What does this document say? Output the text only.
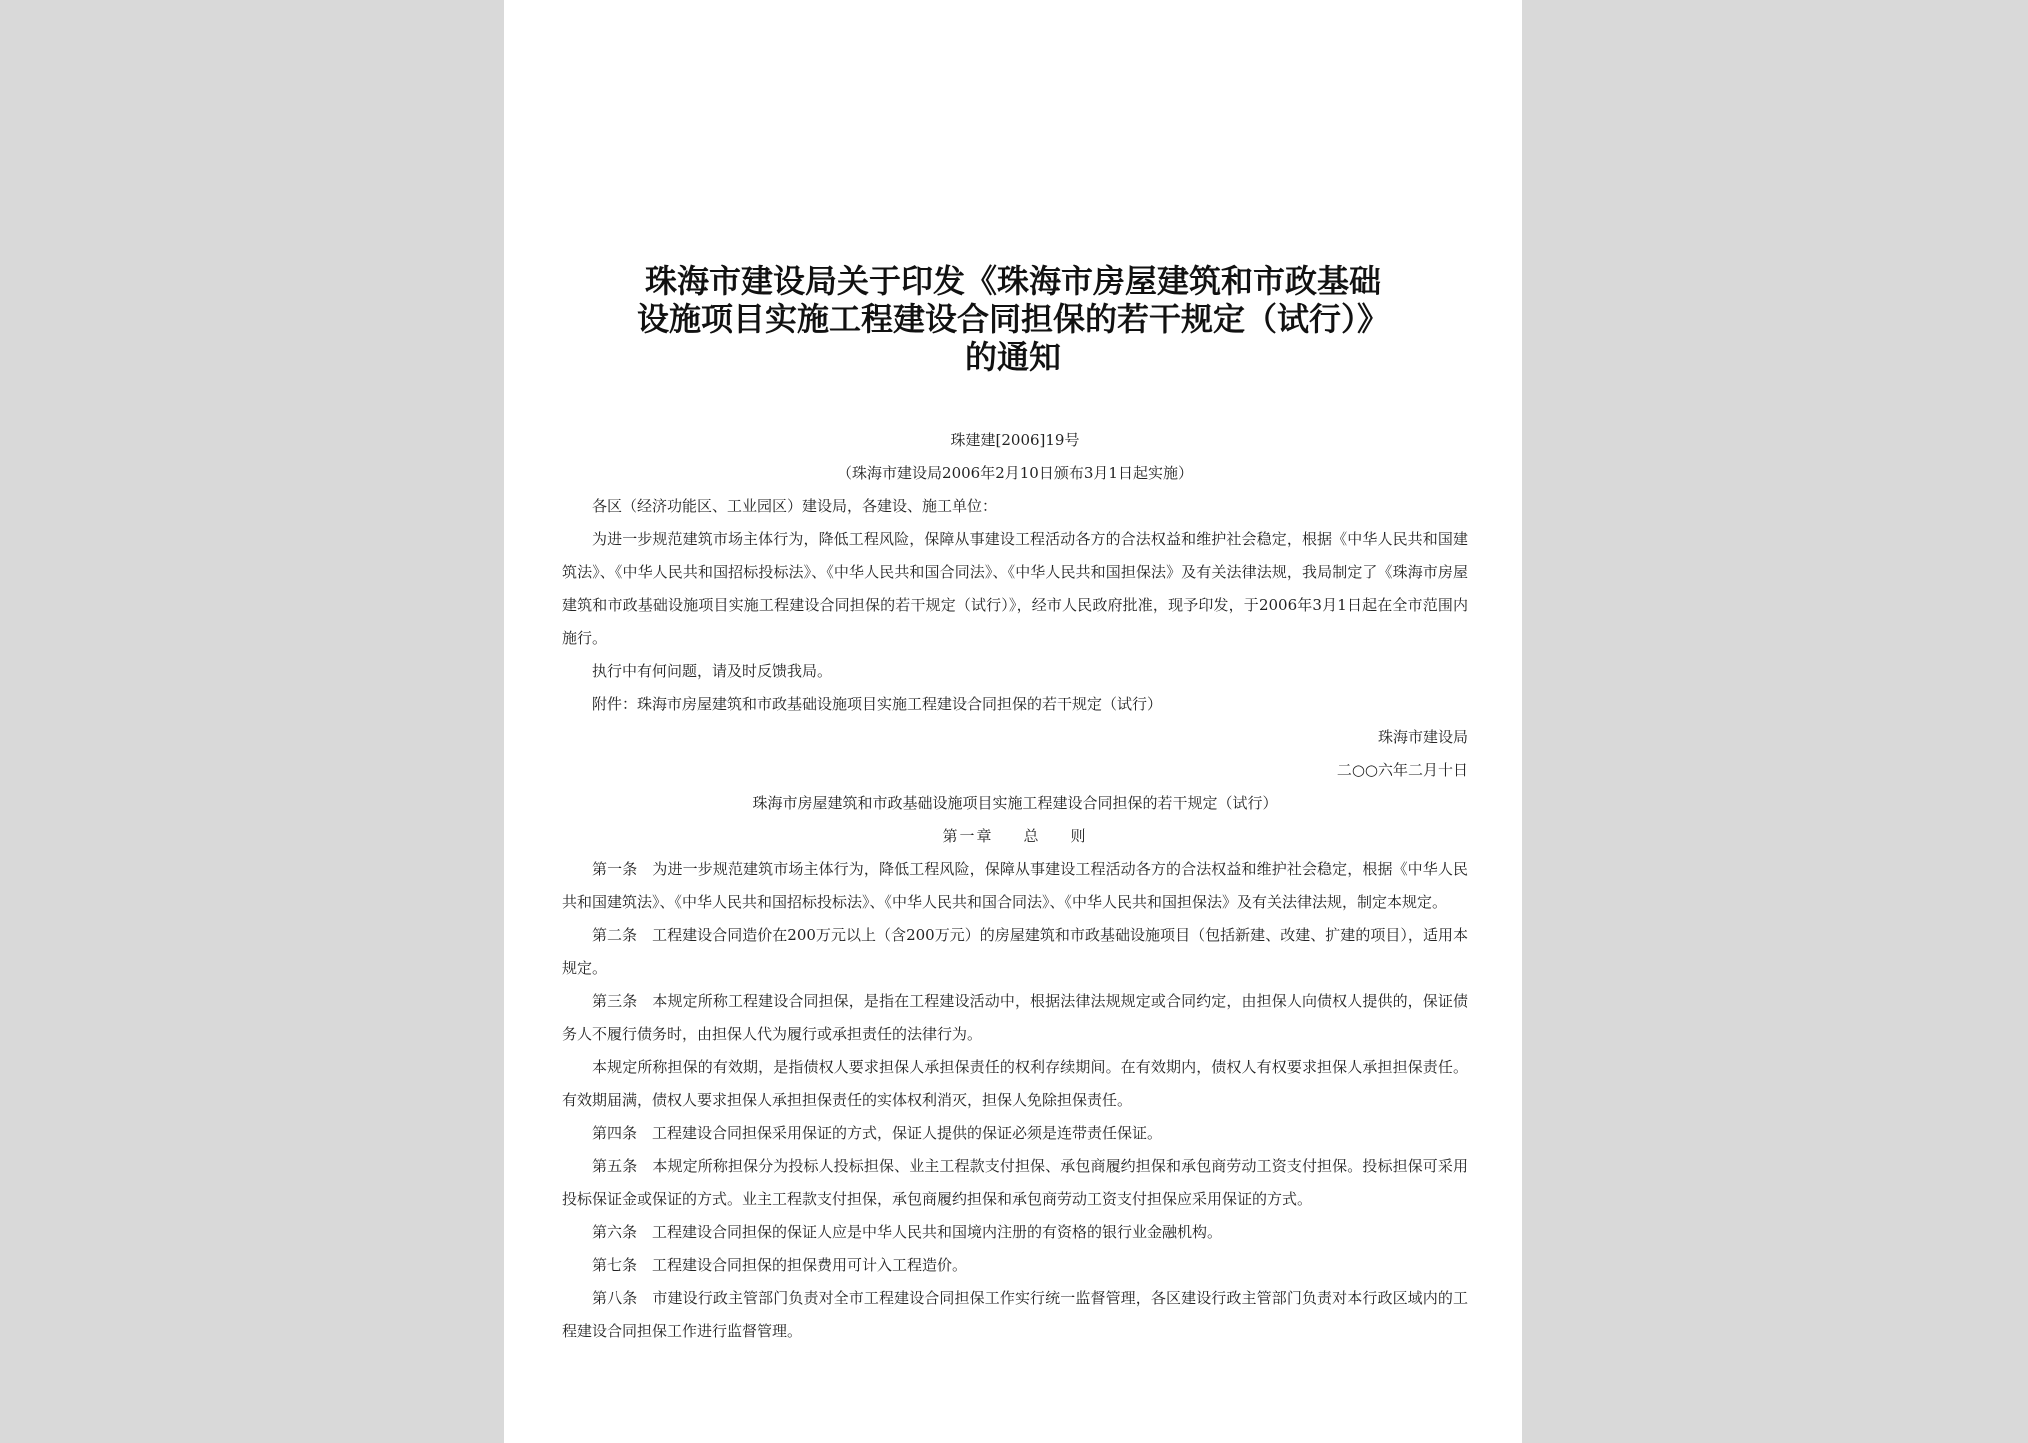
珠海市建设局关于印发《珠海市房屋建筑和市政基础
设施项目实施工程建设合同担保的若干规定（试行）》
的通知

珠建建[2006]19号

（珠海市建设局2006年2月10日颁布3月1日起实施）

各区（经济功能区、工业园区）建设局，各建设、施工单位：

为进一步规范建筑市场主体行为，降低工程风险，保障从事建设工程活动各方的合法权益和维护社会稳定，根据《中华人民共和国建筑法》、《中华人民共和国招标投标法》、《中华人民共和国合同法》、《中华人民共和国担保法》及有关法律法规，我局制定了《珠海市房屋建筑和市政基础设施项目实施工程建设合同担保的若干规定（试行）》，经市人民政府批准，现予印发，于2006年3月1日起在全市范围内施行。

执行中有何问题，请及时反馈我局。

附件：珠海市房屋建筑和市政基础设施项目实施工程建设合同担保的若干规定（试行）

珠海市建设局

二○○六年二月十日

珠海市房屋建筑和市政基础设施项目实施工程建设合同担保的若干规定（试行）

第一章 总 则

第一条　为进一步规范建筑市场主体行为，降低工程风险，保障从事建设工程活动各方的合法权益和维护社会稳定，根据《中华人民共和国建筑法》、《中华人民共和国招标投标法》、《中华人民共和国合同法》、《中华人民共和国担保法》及有关法律法规，制定本规定。

第二条　工程建设合同造价在200万元以上（含200万元）的房屋建筑和市政基础设施项目（包括新建、改建、扩建的项目），适用本规定。

第三条　本规定所称工程建设合同担保，是指在工程建设活动中，根据法律法规规定或合同约定，由担保人向债权人提供的，保证债务人不履行债务时，由担保人代为履行或承担责任的法律行为。

本规定所称担保的有效期，是指债权人要求担保人承担保责任的权利存续期间。在有效期内，债权人有权要求担保人承担担保责任。有效期届满，债权人要求担保人承担担保责任的实体权利消灭，担保人免除担保责任。

第四条　工程建设合同担保采用保证的方式，保证人提供的保证必须是连带责任保证。

第五条　本规定所称担保分为投标人投标担保、业主工程款支付担保、承包商履约担保和承包商劳动工资支付担保。投标担保可采用投标保证金或保证的方式。业主工程款支付担保，承包商履约担保和承包商劳动工资支付担保应采用保证的方式。

第六条　工程建设合同担保的保证人应是中华人民共和国境内注册的有资格的银行业金融机构。

第七条　工程建设合同担保的担保费用可计入工程造价。

第八条　市建设行政主管部门负责对全市工程建设合同担保工作实行统一监督管理，各区建设行政主管部门负责对本行政区域内的工程建设合同担保工作进行监督管理。
